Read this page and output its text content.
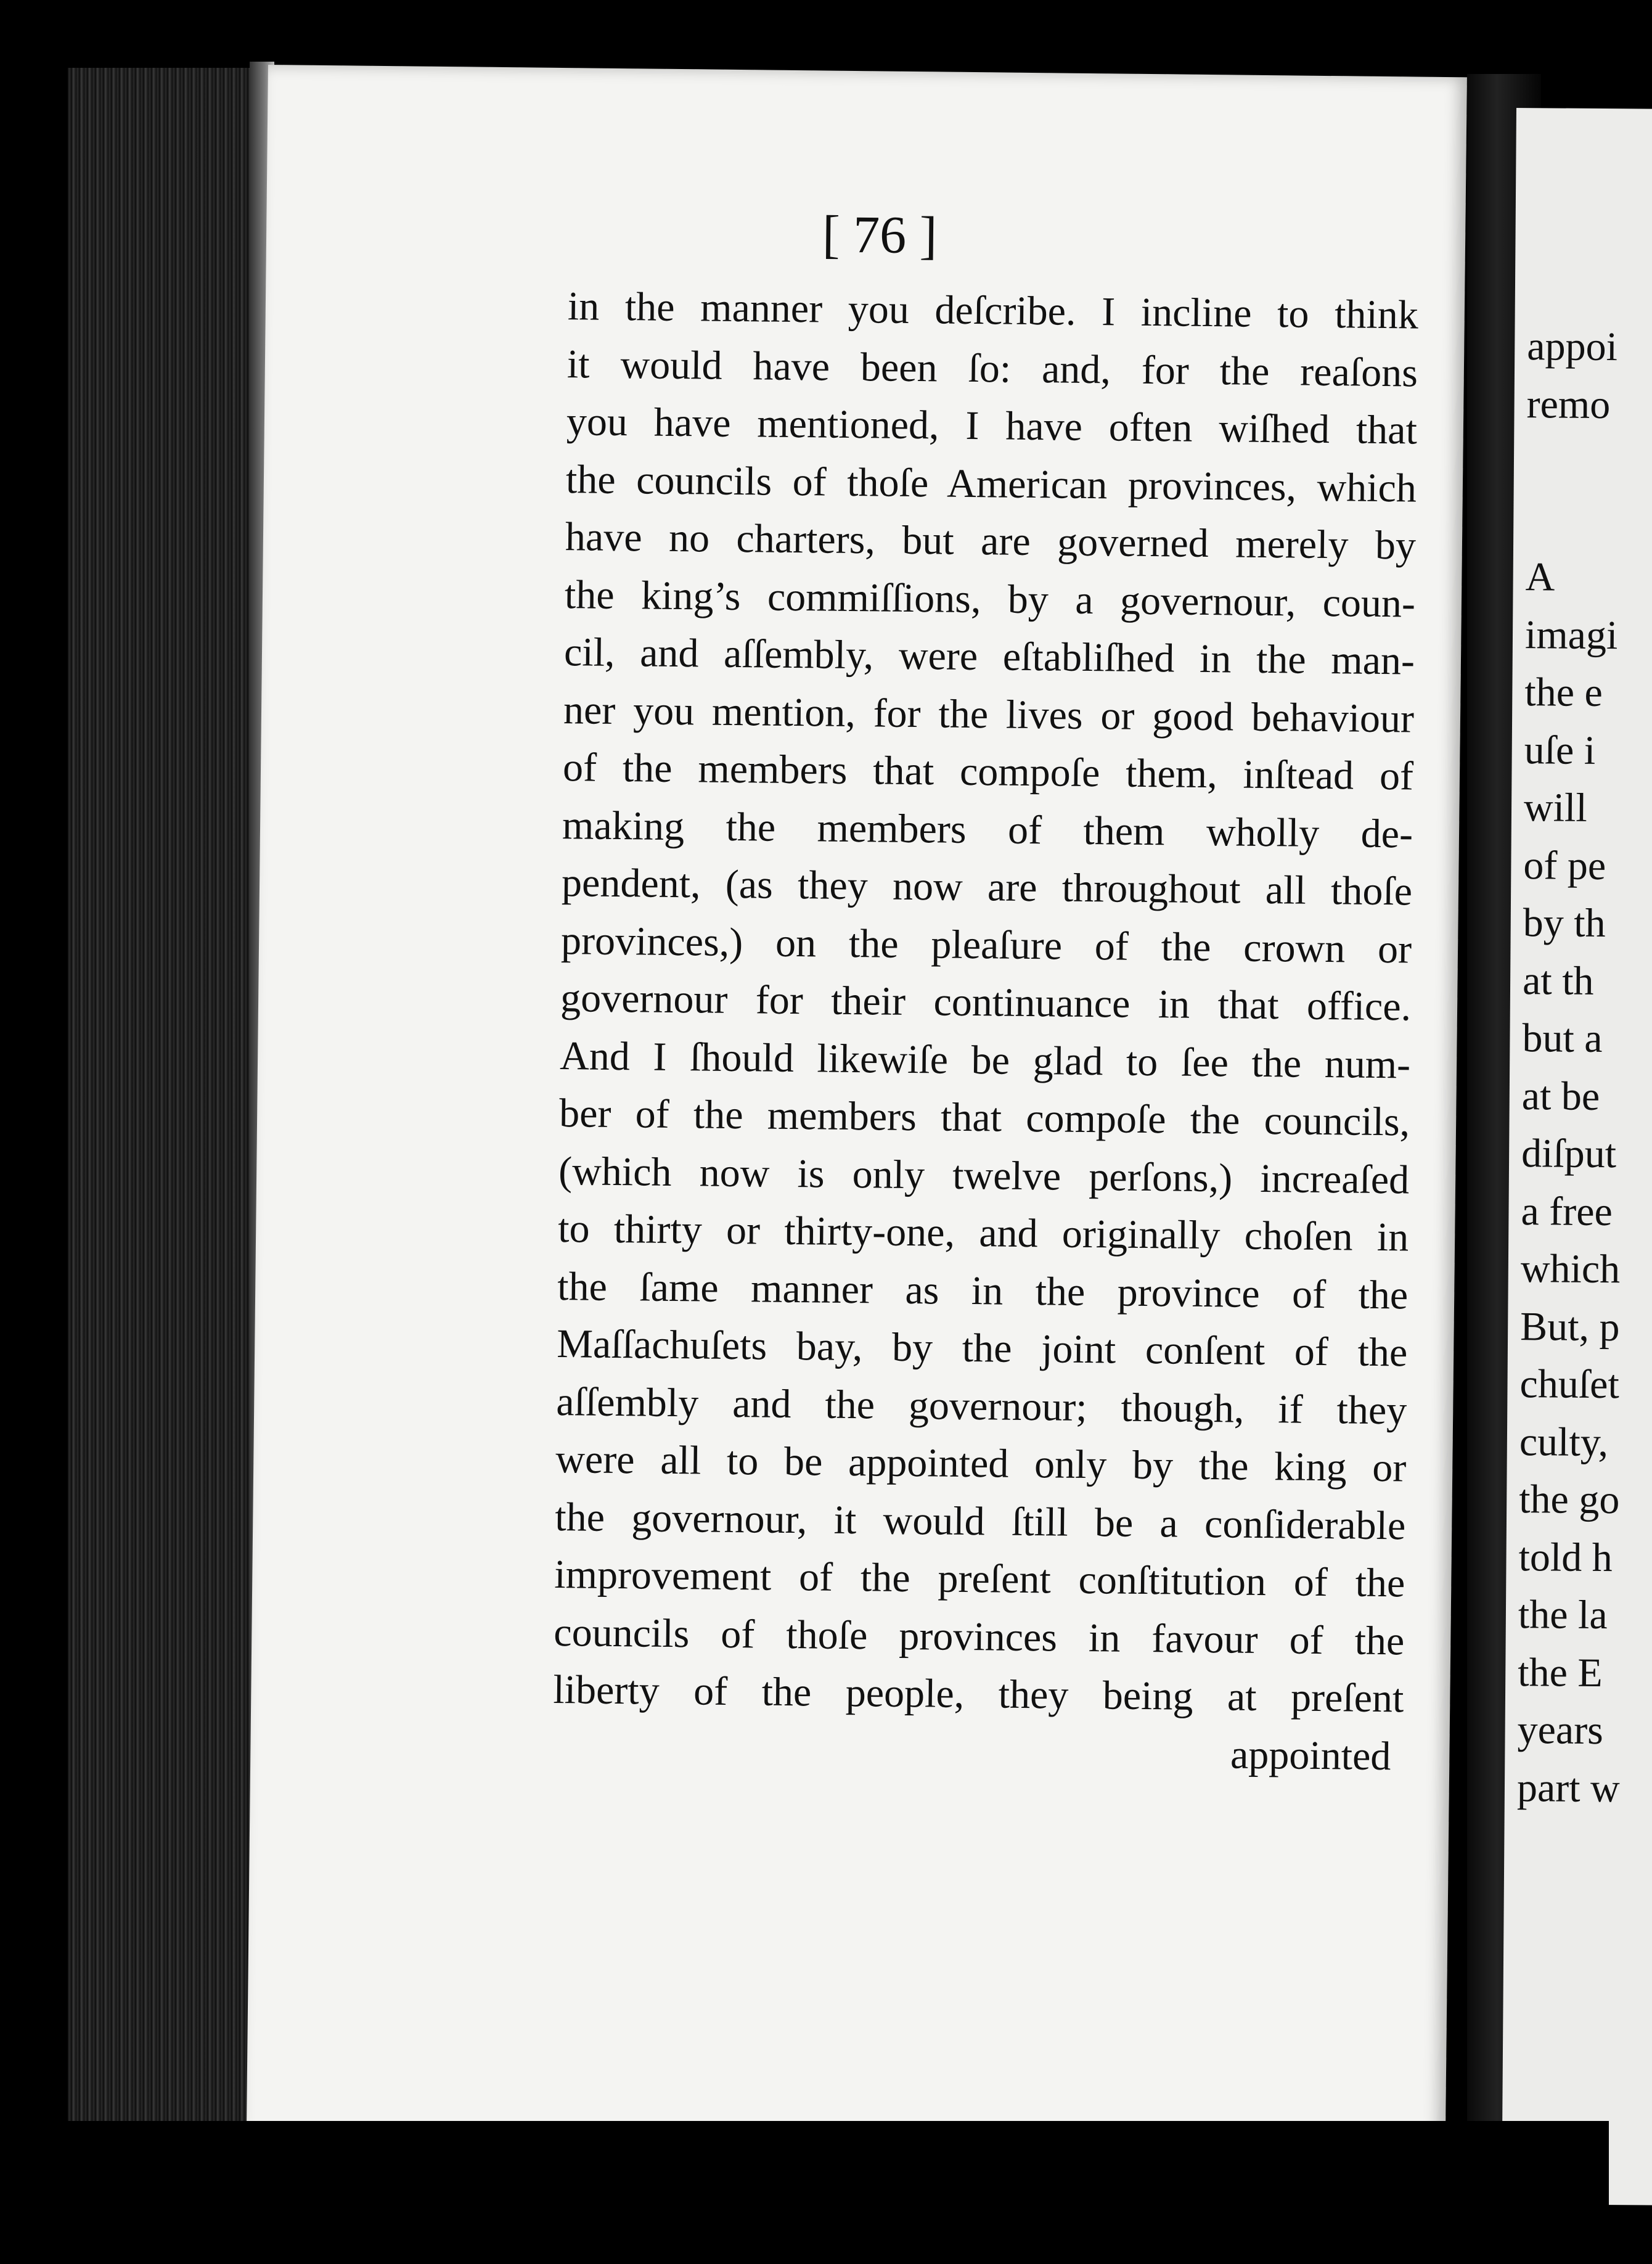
[ 76 ]
in the manner you deſcribe. I incline to think
it would have been ſo: and, for the reaſons
you have mentioned, I have often wiſhed that
the councils of thoſe American provinces, which
have no charters, but are governed merely by
the king’s commiſſions, by a governour, coun-
cil, and aſſembly, were eſtabliſhed in the man-
ner you mention, for the lives or good behaviour
of the members that compoſe them, inſtead of
making the members of them wholly de-
pendent, (as they now are throughout all thoſe
provinces,) on the pleaſure of the crown or
governour for their continuance in that office.
And I ſhould likewiſe be glad to ſee the num-
ber of the members that compoſe the councils,
(which now is only twelve perſons,) increaſed
to thirty or thirty-one, and originally choſen in
the ſame manner as in the province of the
Maſſachuſets bay, by the joint conſent of the
aſſembly and the governour; though, if they
were all to be appointed only by the king or
the governour, it would ſtill be a conſiderable
improvement of the preſent conſtitution of the
councils of thoſe provinces in favour of the
liberty of the people, they being at preſent
appointed
appoi
remo
A
imagi
the e
uſe i
will
of pe
by th
at th
but a
at be
diſput
a free
which
But, p
chuſet
culty,
the go
told h
the la
the E
years
part w
